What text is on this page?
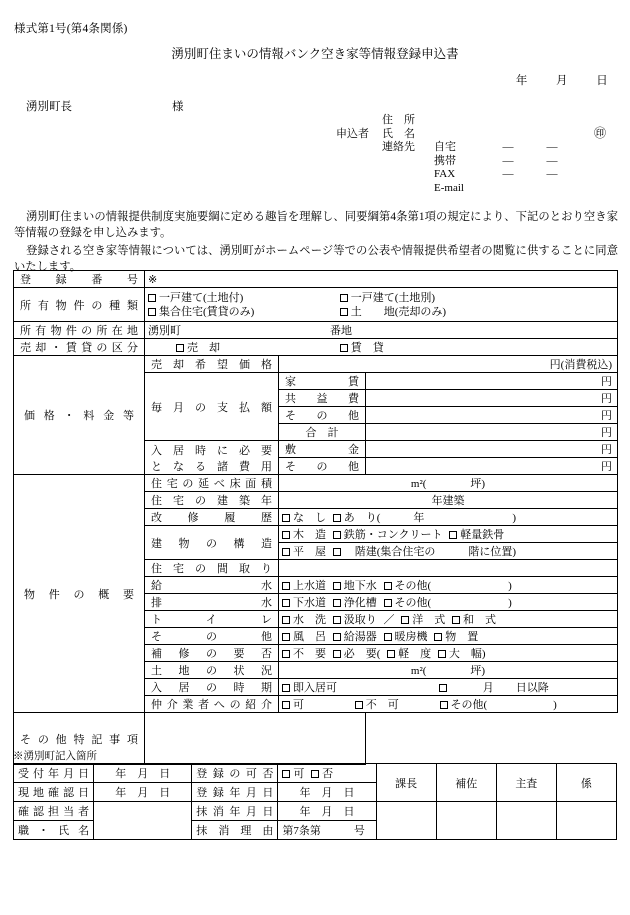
様式第1号(第4条関係)
湧別町住まいの情報バンク空き家等情報登録申込書
年 月 日
湧別町長	様
住　所
申込者	氏　名	㊞
連絡先	自宅	—	—
携帯	—	—
FAX	—	—
E-mail
湧別町住まいの情報提供制度実施要綱に定める趣旨を理解し、同要綱第4条第1項の規定により、下記のとおり空き家等情報の登録を申し込みます。
登録される空き家等情報については、湧別町がホームページ等での公表や情報提供希望者の閲覧に供することに同意いたします。
登録番号	※		
所有物件の種類	一戸建て(土地付) 一戸建て(土地別)
集合住宅(賃貸のみ) 土　　地(売却のみ)		

所有物件の所在地	湧別町 番地		
売却・賃貸の区分	売　却 賃　貸		
価格・料金等	売却希望価格	円(消費税込)	
	毎月の支払額	家　　賃	円
		共　益　費	円
		そ　の　他	円
		合　計	円

	入居時に必要
となる諸費用	敷　　金	円
		そ　の　他	円
物件の概要	住宅の延べ床面積	m²(　　　　坪)	
	住宅の建築年	年建築	
	改修履歴	な　し あ　り(　　　年　　　　　　　　)	
	建物の構造	木　造 鉄筋・コンクリート 軽量鉄骨	
		平　屋 　階建(集合住宅の　　　階に位置)	
	住宅の間取り		
	給水	上水道 地下水 その他(　　　　　　　)	
	排水	下水道 浄化槽 その他(　　　　　　　)	
	トイレ	水　洗 汲取り ／ 洋　式 和　式	
	その他	風　呂 給湯器 暖房機 物　置	
	補修の要否	不　要 必　要( 軽　度 大　幅)	
	土地の状況	m²(　　　　坪)	
	入居の時期	即入居可 　　　月　　日以降	
	仲介業者への紹介	可 不　可 その他(　　　　　　)	
その他特記事項			
※湧別町記入箇所
受付年月日	年　月　日	登録の可否	可 否	課長	補佐	主査	係
現地確認日	年　月　日	登録年月日	年　月　日				
確認担当者		抹消年月日	年　月　日				
職・氏名		抹消理由	第7条第　　　号				
